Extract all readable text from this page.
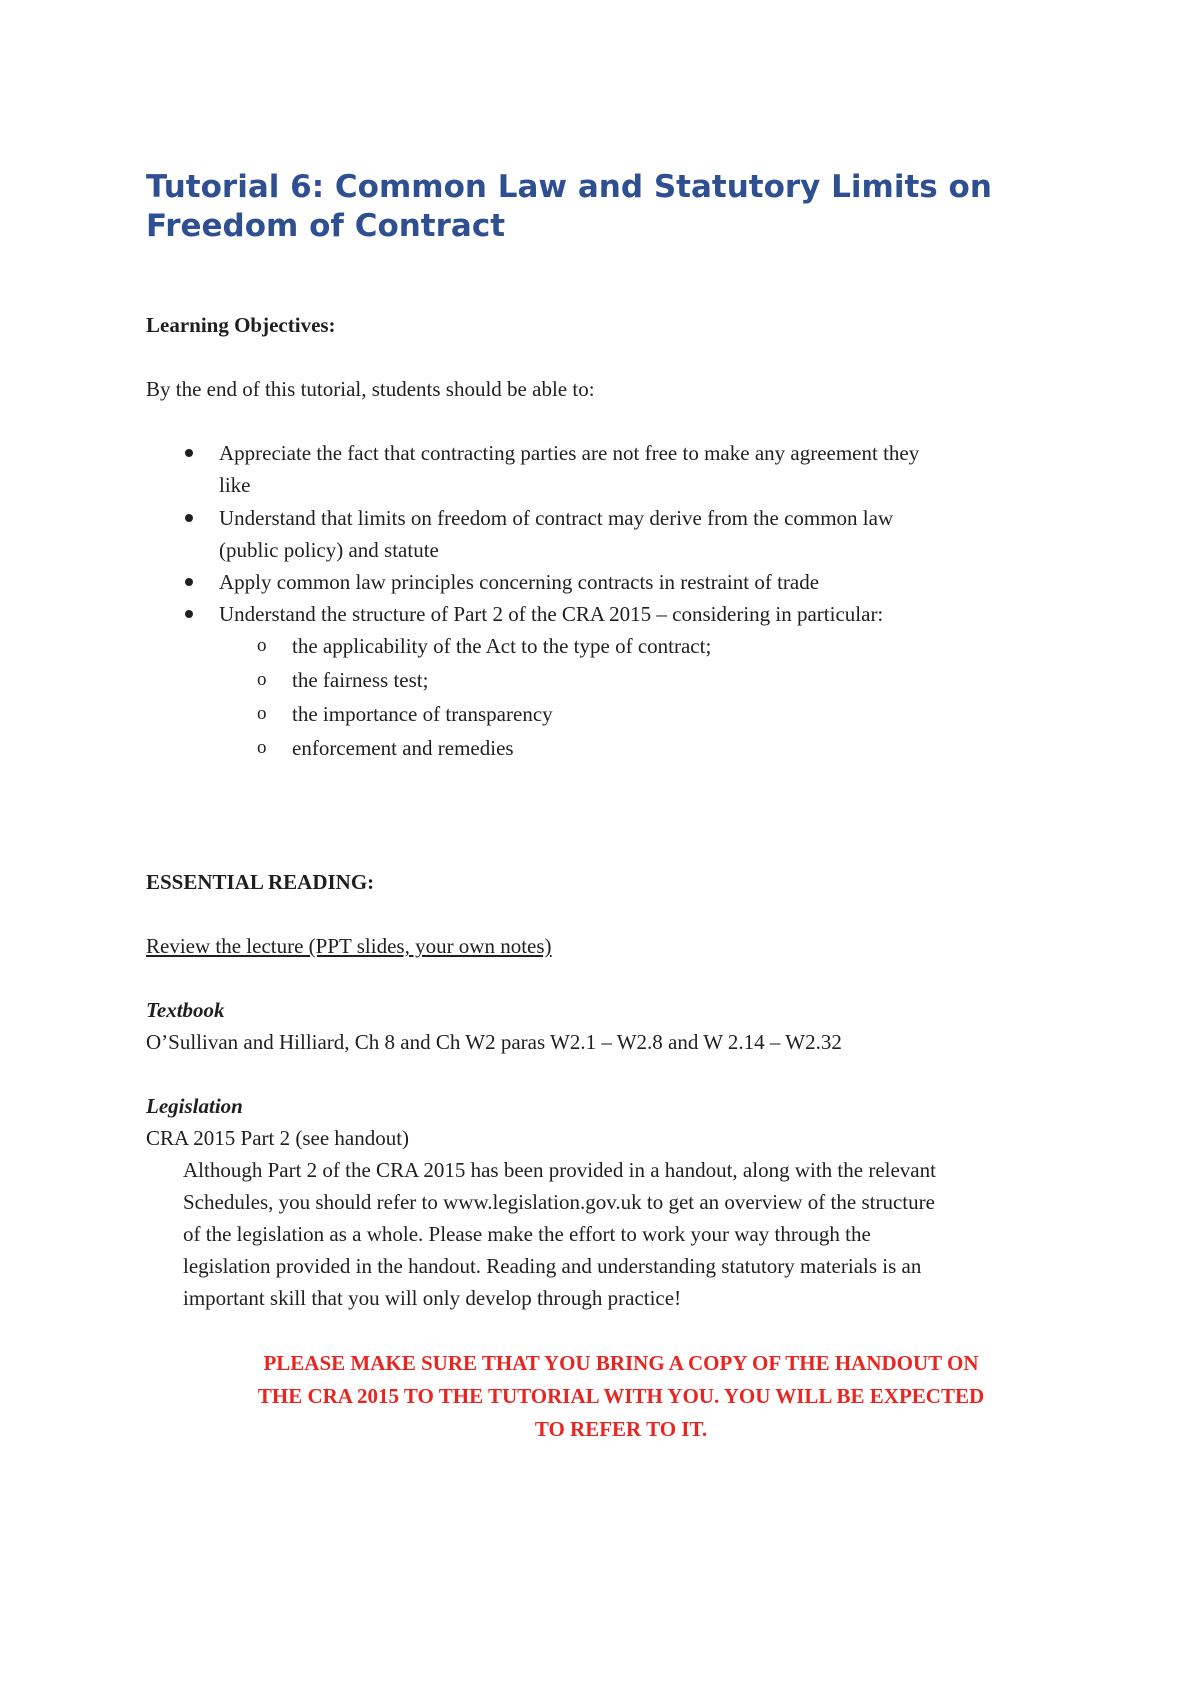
Tutorial 6: Common Law and Statutory Limits on
Freedom of Contract
Learning Objectives:
By the end of this tutorial, students should be able to:
Appreciate the fact that contracting parties are not free to make any agreement they
like
Understand that limits on freedom of contract may derive from the common law
(public policy) and statute
Apply common law principles concerning contracts in restraint of trade
Understand the structure of Part 2 of the CRA 2015 – considering in particular:
o the applicability of the Act to the type of contract;
o the fairness test;
o the importance of transparency
o enforcement and remedies
ESSENTIAL READING:
Review the lecture (PPT slides, your own notes)
Textbook
O’Sullivan and Hilliard, Ch 8 and Ch W2 paras W2.1 – W2.8 and W 2.14 – W2.32
Legislation
CRA 2015 Part 2 (see handout)
Although Part 2 of the CRA 2015 has been provided in a handout, along with the relevant
Schedules, you should refer to www.legislation.gov.uk to get an overview of the structure
of the legislation as a whole. Please make the effort to work your way through the
legislation provided in the handout. Reading and understanding statutory materials is an
important skill that you will only develop through practice!
PLEASE MAKE SURE THAT YOU BRING A COPY OF THE HANDOUT ON
THE CRA 2015 TO THE TUTORIAL WITH YOU. YOU WILL BE EXPECTED
TO REFER TO IT.
